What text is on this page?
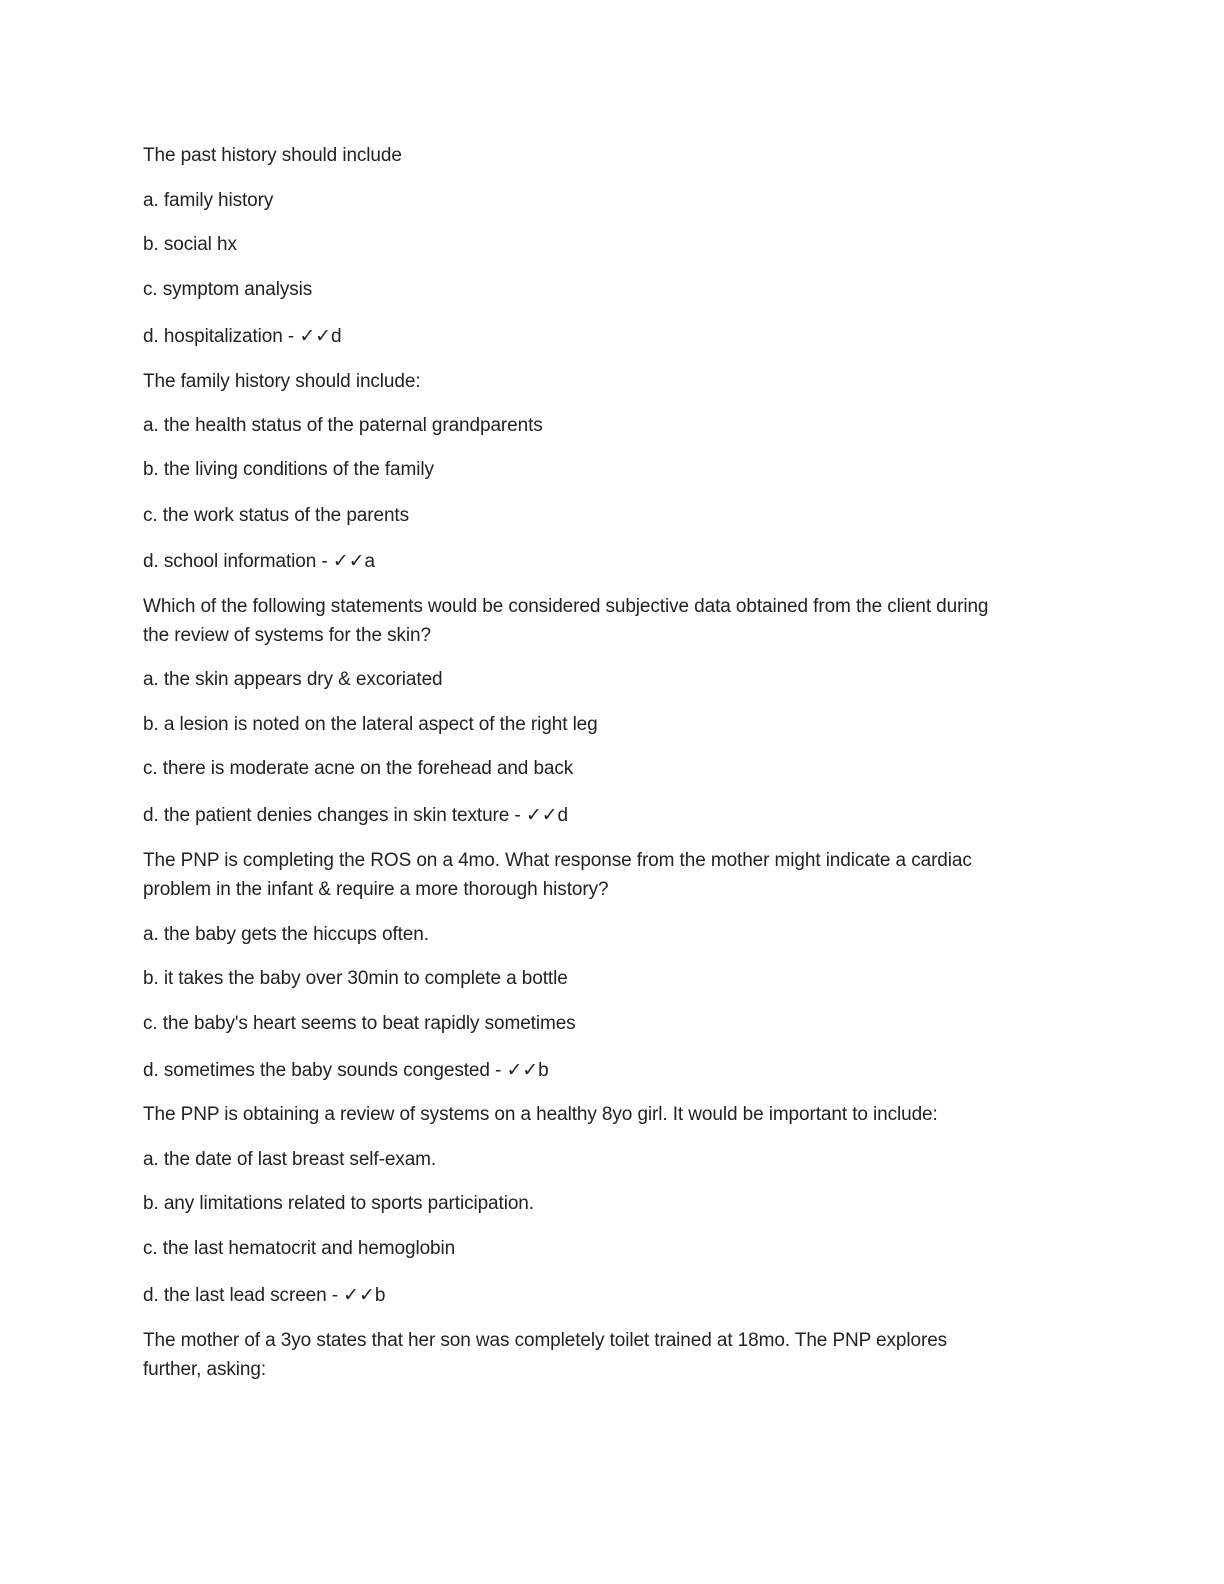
The past history should include
a. family history
b. social hx
c. symptom analysis
d. hospitalization - ✓✓d
The family history should include:
a. the health status of the paternal grandparents
b. the living conditions of the family
c. the work status of the parents
d. school information - ✓✓a
Which of the following statements would be considered subjective data obtained from the client during
the review of systems for the skin?
a. the skin appears dry & excoriated
b. a lesion is noted on the lateral aspect of the right leg
c. there is moderate acne on the forehead and back
d. the patient denies changes in skin texture - ✓✓d
The PNP is completing the ROS on a 4mo. What response from the mother might indicate a cardiac
problem in the infant & require a more thorough history?
a. the baby gets the hiccups often.
b. it takes the baby over 30min to complete a bottle
c. the baby's heart seems to beat rapidly sometimes
d. sometimes the baby sounds congested - ✓✓b
The PNP is obtaining a review of systems on a healthy 8yo girl. It would be important to include:
a. the date of last breast self-exam.
b. any limitations related to sports participation.
c. the last hematocrit and hemoglobin
d. the last lead screen - ✓✓b
The mother of a 3yo states that her son was completely toilet trained at 18mo. The PNP explores
further, asking:
